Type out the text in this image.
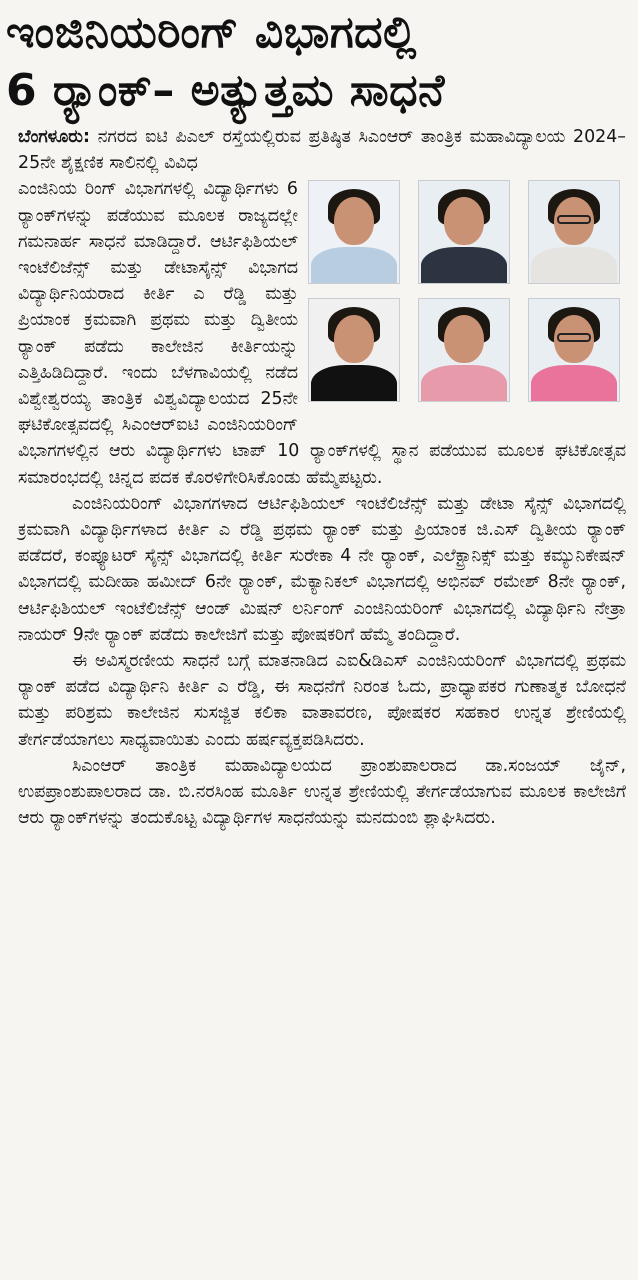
ಇಂಜಿನಿಯರಿಂಗ್ ವಿಭಾಗದಲ್ಲಿ
6 ರ್‍ಯಾಂಕ್‌– ಅತ್ಯುತ್ತಮ ಸಾಧನೆ

ಬೆಂಗಳೂರು: ನಗರದ ಐಟಿ ಪಿಎಲ್ ರಸ್ತೆಯಲ್ಲಿರುವ ಪ್ರತಿಷ್ಠಿತ ಸಿಎಂಆರ್ ತಾಂತ್ರಿಕ ಮಹಾವಿದ್ಯಾಲಯ 2024–25ನೇ ಶೈಕ್ಷಣಿಕ ಸಾಲಿನಲ್ಲಿ ವಿವಿಧ

ಎಂಜಿನಿಯ ರಿಂಗ್ ವಿಭಾಗಗಳಲ್ಲಿ ವಿದ್ಯಾರ್ಥಿಗಳು 6 ರ್‍ಯಾಂಕ್‌ಗಳನ್ನು ಪಡೆಯುವ ಮೂಲಕ ರಾಜ್ಯದಲ್ಲೇ ಗಮನಾರ್ಹ ಸಾಧನೆ ಮಾಡಿದ್ದಾರೆ. ಆರ್ಟಿಫಿಶಿಯಲ್ ಇಂಟೆಲಿಜೆನ್ಸ್ ಮತ್ತು ಡೇಟಾಸೈನ್ಸ್ ವಿಭಾಗದ ವಿದ್ಯಾರ್ಥಿನಿಯರಾದ ಕೀರ್ತಿ ಎ ರೆಡ್ಡಿ ಮತ್ತು ಪ್ರಿಯಾಂಕ ಕ್ರಮವಾಗಿ ಪ್ರಥಮ ಮತ್ತು ದ್ವಿತೀಯ ರ್‍ಯಾಂಕ್ ಪಡೆದು ಕಾಲೇಜಿನ ಕೀರ್ತಿಯನ್ನು ಎತ್ತಿಹಿಡಿದಿದ್ದಾರೆ. ಇಂದು ಬೆಳಗಾವಿಯಲ್ಲಿ ನಡೆದ ವಿಶ್ವೇಶ್ವರಯ್ಯ ತಾಂತ್ರಿಕ ವಿಶ್ವವಿದ್ಯಾಲಯದ 25ನೇ ಘಟಿಕೋತ್ಸವದಲ್ಲಿ ಸಿಎಂಆರ್‌ಐಟಿ ಎಂಜಿನಿಯರಿಂಗ್ ವಿಭಾಗಗಳಲ್ಲಿನ ಆರು ವಿದ್ಯಾರ್ಥಿಗಳು ಟಾಪ್ 10 ರ್‍ಯಾಂಕ್‌ಗಳಲ್ಲಿ ಸ್ಥಾನ ಪಡೆಯುವ ಮೂಲಕ ಘಟಿಕೋತ್ಸವ ಸಮಾರಂಭದಲ್ಲಿ ಚಿನ್ನದ ಪದಕ ಕೊರಳಿಗೇರಿಸಿಕೊಂಡು ಹೆಮ್ಮೆಪಟ್ಟರು.

ಎಂಜಿನಿಯರಿಂಗ್ ವಿಭಾಗಗಳಾದ ಆರ್ಟಿಫಿಶಿಯಲ್ ಇಂಟೆಲಿಜೆನ್ಸ್ ಮತ್ತು ಡೇಟಾ ಸೈನ್ಸ್ ವಿಭಾಗದಲ್ಲಿ ಕ್ರಮವಾಗಿ ವಿದ್ಯಾರ್ಥಿಗಳಾದ ಕೀರ್ತಿ ಎ ರೆಡ್ಡಿ ಪ್ರಥಮ ರ್‍ಯಾಂಕ್ ಮತ್ತು ಪ್ರಿಯಾಂಕ ಜಿ.ಎಸ್ ದ್ವಿತೀಯ ರ್‍ಯಾಂಕ್ ಪಡೆದರೆ, ಕಂಪ್ಯೂಟರ್ ಸೈನ್ಸ್ ವಿಭಾಗದಲ್ಲಿ ಕೀರ್ತಿ ಸುರೇಕಾ 4 ನೇ ರ್‍ಯಾಂಕ್, ಎಲೆಕ್ಟ್ರಾನಿಕ್ಸ್ ಮತ್ತು ಕಮ್ಯುನಿಕೇಷನ್ ವಿಭಾಗದಲ್ಲಿ ಮದೀಹಾ ಹಮೀದ್ 6ನೇ ರ್‍ಯಾಂಕ್, ಮೆಕ್ಯಾನಿಕಲ್ ವಿಭಾಗದಲ್ಲಿ ಅಭಿನವ್ ರಮೇಶ್ 8ನೇ ರ್‍ಯಾಂಕ್, ಆರ್ಟಿಫಿಶಿಯಲ್ ಇಂಟೆಲಿಜೆನ್ಸ್ ಆಂಡ್ ಮಿಷನ್ ಲರ್ನಿಂಗ್ ಎಂಜಿನಿಯರಿಂಗ್ ವಿಭಾಗದಲ್ಲಿ ವಿದ್ಯಾರ್ಥಿನಿ ನೇತ್ರಾ ನಾಯರ್ 9ನೇ ರ್‍ಯಾಂಕ್ ಪಡೆದು ಕಾಲೇಜಿಗೆ ಮತ್ತು ಪೋಷಕರಿಗೆ ಹೆಮ್ಮೆ ತಂದಿದ್ದಾರೆ.

ಈ ಅವಿಸ್ಮರಣೀಯ ಸಾಧನೆ ಬಗ್ಗೆ ಮಾತನಾಡಿದ ಎಐ&ಡಿಎಸ್ ಎಂಜಿನಿಯರಿಂಗ್ ವಿಭಾಗದಲ್ಲಿ ಪ್ರಥಮ ರ್‍ಯಾಂಕ್ ಪಡೆದ ವಿದ್ಯಾರ್ಥಿನಿ ಕೀರ್ತಿ ಎ ರೆಡ್ಡಿ, ಈ ಸಾಧನೆಗೆ ನಿರಂತ ಓದು, ಪ್ರಾಧ್ಯಾಪಕರ ಗುಣಾತ್ಮಕ ಬೋಧನೆ ಮತ್ತು ಪರಿಶ್ರಮ ಕಾಲೇಜಿನ ಸುಸಜ್ಜಿತ ಕಲಿಕಾ ವಾತಾವರಣ, ಪೋಷಕರ ಸಹಕಾರ ಉನ್ನತ ಶ್ರೇಣಿಯಲ್ಲಿ ತೇರ್ಗಡೆಯಾಗಲು ಸಾಧ್ಯವಾಯಿತು ಎಂದು ಹರ್ಷವ್ಯಕ್ತಪಡಿಸಿದರು.

ಸಿಎಂಆರ್ ತಾಂತ್ರಿಕ ಮಹಾವಿದ್ಯಾಲಯದ ಪ್ರಾಂಶುಪಾಲರಾದ ಡಾ.ಸಂಜಯ್ ಜೈನ್, ಉಪಪ್ರಾಂಶುಪಾಲರಾದ ಡಾ. ಬಿ.ನರಸಿಂಹ ಮೂರ್ತಿ ಉನ್ನತ ಶ್ರೇಣಿಯಲ್ಲಿ ತೇರ್ಗಡೆಯಾಗುವ ಮೂಲಕ ಕಾಲೇಜಿಗೆ ಆರು ರ್‍ಯಾಂಕ್‌ಗಳನ್ನು ತಂದುಕೊಟ್ಟ ವಿದ್ಯಾರ್ಥಿಗಳ ಸಾಧನೆಯನ್ನು ಮನದುಂಬಿ ಶ್ಲಾಘಿಸಿದರು.
